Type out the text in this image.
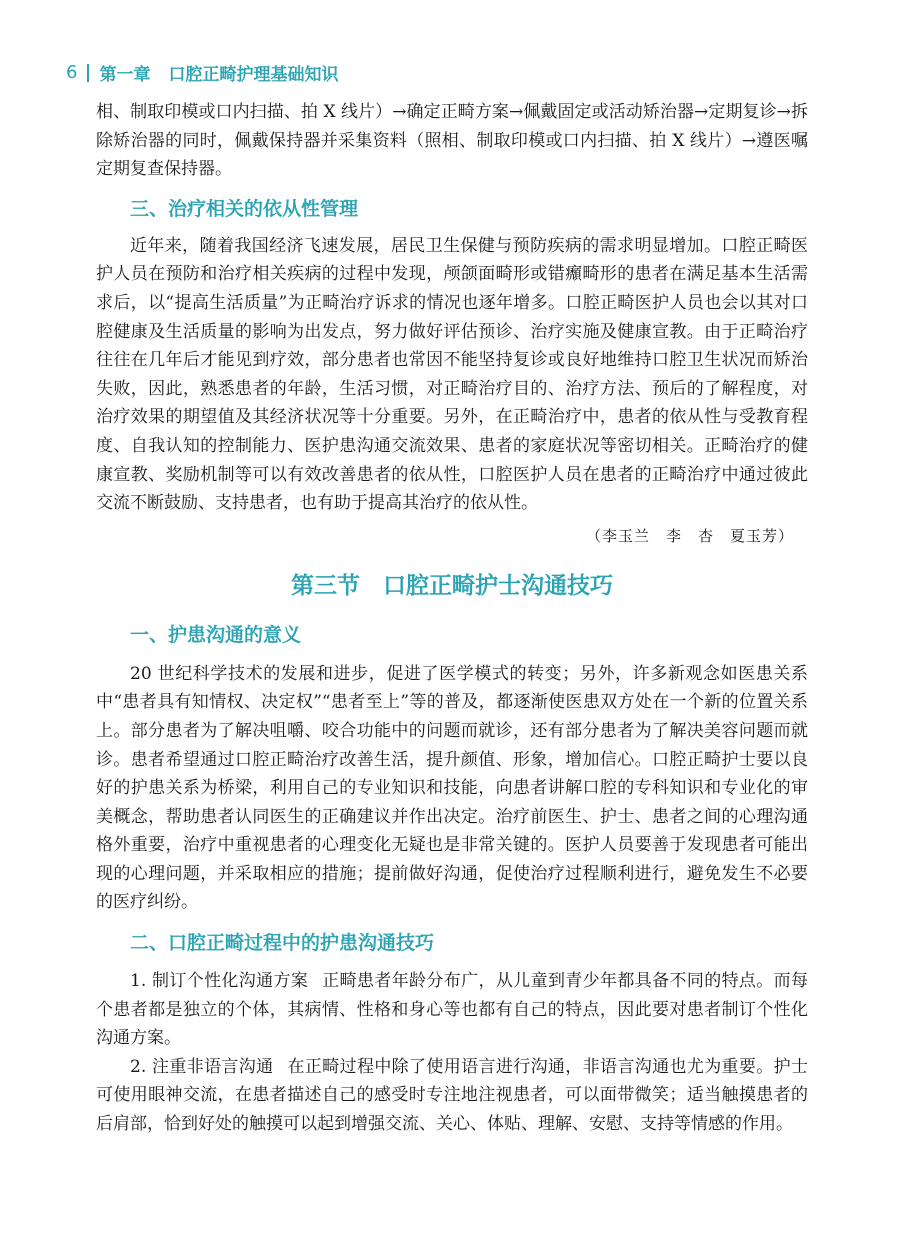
6 第一章 口腔正畸护理基础知识

相、制取印模或口内扫描、拍 X 线片）→确定正畸方案→佩戴固定或活动矫治器→定期复诊→拆除矫治器的同时，佩戴保持器并采集资料（照相、制取印模或口内扫描、拍 X 线片）→遵医嘱定期复查保持器。

三、治疗相关的依从性管理

近年来，随着我国经济飞速发展，居民卫生保健与预防疾病的需求明显增加。口腔正畸医护人员在预防和治疗相关疾病的过程中发现，颅颌面畸形或错㿗畸形的患者在满足基本生活需求后，以“提高生活质量”为正畸治疗诉求的情况也逐年增多。口腔正畸医护人员也会以其对口腔健康及生活质量的影响为出发点，努力做好评估预诊、治疗实施及健康宣教。由于正畸治疗往往在几年后才能见到疗效，部分患者也常因不能坚持复诊或良好地维持口腔卫生状况而矫治失败，因此，熟悉患者的年龄，生活习惯，对正畸治疗目的、治疗方法、预后的了解程度，对治疗效果的期望值及其经济状况等十分重要。另外，在正畸治疗中，患者的依从性与受教育程度、自我认知的控制能力、医护患沟通交流效果、患者的家庭状况等密切相关。正畸治疗的健康宣教、奖励机制等可以有效改善患者的依从性，口腔医护人员在患者的正畸治疗中通过彼此交流不断鼓励、支持患者，也有助于提高其治疗的依从性。

（李玉兰　李　杏　夏玉芳）
第三节　口腔正畸护士沟通技巧
一、护患沟通的意义

20 世纪科学技术的发展和进步，促进了医学模式的转变；另外，许多新观念如医患关系中“患者具有知情权、决定权”“患者至上”等的普及，都逐渐使医患双方处在一个新的位置关系上。部分患者为了解决咀嚼、咬合功能中的问题而就诊，还有部分患者为了解决美容问题而就诊。患者希望通过口腔正畸治疗改善生活，提升颜值、形象，增加信心。口腔正畸护士要以良好的护患关系为桥梁，利用自己的专业知识和技能，向患者讲解口腔的专科知识和专业化的审美概念，帮助患者认同医生的正确建议并作出决定。治疗前医生、护士、患者之间的心理沟通格外重要，治疗中重视患者的心理变化无疑也是非常关键的。医护人员要善于发现患者可能出现的心理问题，并采取相应的措施；提前做好沟通，促使治疗过程顺利进行，避免发生不必要的医疗纠纷。

二、口腔正畸过程中的护患沟通技巧

1. 制订个性化沟通方案 正畸患者年龄分布广，从儿童到青少年都具备不同的特点。而每个患者都是独立的个体，其病情、性格和身心等也都有自己的特点，因此要对患者制订个性化沟通方案。

2. 注重非语言沟通 在正畸过程中除了使用语言进行沟通，非语言沟通也尤为重要。护士可使用眼神交流，在患者描述自己的感受时专注地注视患者，可以面带微笑；适当触摸患者的后肩部，恰到好处的触摸可以起到增强交流、关心、体贴、理解、安慰、支持等情感的作用。
